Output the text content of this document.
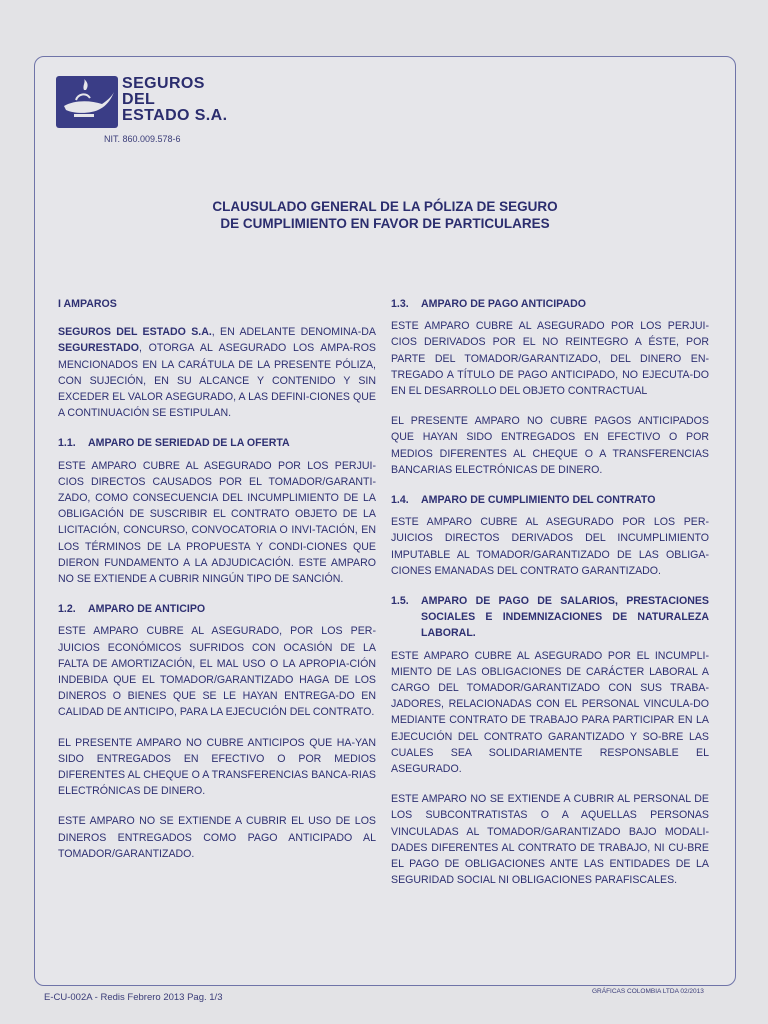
SEGUROS
DEL
ESTADO S.A.
NIT. 860.009.578-6
CLAUSULADO GENERAL DE LA PÓLIZA DE SEGURO
DE CUMPLIMIENTO EN FAVOR DE PARTICULARES
I AMPAROS
SEGUROS DEL ESTADO S.A., EN ADELANTE DENOMINA-DA SEGURESTADO, OTORGA AL ASEGURADO LOS AMPA-ROS MENCIONADOS EN LA CARÁTULA DE LA PRESENTE PÓLIZA, CON SUJECIÓN, EN SU ALCANCE Y CONTENIDO Y SIN EXCEDER EL VALOR ASEGURADO, A LAS DEFINI-CIONES QUE A CONTINUACIÓN SE ESTIPULAN.
1.1.	AMPARO DE SERIEDAD DE LA OFERTA
ESTE AMPARO CUBRE AL ASEGURADO POR LOS PERJUI-CIOS DIRECTOS CAUSADOS POR EL TOMADOR/GARANTI-ZADO, COMO CONSECUENCIA DEL INCUMPLIMIENTO DE LA OBLIGACIÓN DE SUSCRIBIR EL CONTRATO OBJETO DE LA LICITACIÓN, CONCURSO, CONVOCATORIA O INVI-TACIÓN, EN LOS TÉRMINOS DE LA PROPUESTA Y CONDI-CIONES QUE DIERON FUNDAMENTO A LA ADJUDICACIÓN. ESTE AMPARO NO SE EXTIENDE A CUBRIR NINGÚN TIPO DE SANCIÓN.
1.2.	AMPARO DE ANTICIPO
ESTE AMPARO CUBRE AL ASEGURADO, POR LOS PER-JUICIOS ECONÓMICOS SUFRIDOS CON OCASIÓN DE LA FALTA DE AMORTIZACIÓN, EL MAL USO O LA APROPIA-CIÓN INDEBIDA QUE EL TOMADOR/GARANTIZADO HAGA DE LOS DINEROS O BIENES QUE SE LE HAYAN ENTREGA-DO EN CALIDAD DE ANTICIPO, PARA LA EJECUCIÓN DEL CONTRATO.
EL PRESENTE AMPARO NO CUBRE ANTICIPOS QUE HA-YAN SIDO ENTREGADOS EN EFECTIVO O POR MEDIOS DIFERENTES AL CHEQUE O A TRANSFERENCIAS BANCA-RIAS ELECTRÓNICAS DE DINERO.
ESTE AMPARO NO SE EXTIENDE A CUBRIR EL USO DE LOS DINEROS ENTREGADOS COMO PAGO ANTICIPADO AL TOMADOR/GARANTIZADO.
1.3.	AMPARO DE PAGO ANTICIPADO
ESTE AMPARO CUBRE AL ASEGURADO POR LOS PERJUI-CIOS DERIVADOS POR EL NO REINTEGRO A ÉSTE, POR PARTE DEL TOMADOR/GARANTIZADO, DEL DINERO EN-TREGADO A TÍTULO DE PAGO ANTICIPADO, NO EJECUTA-DO EN EL DESARROLLO DEL OBJETO CONTRACTUAL
EL PRESENTE AMPARO NO CUBRE PAGOS ANTICIPADOS QUE HAYAN SIDO ENTREGADOS EN EFECTIVO O POR MEDIOS DIFERENTES AL CHEQUE O A TRANSFERENCIAS BANCARIAS ELECTRÓNICAS DE DINERO.
1.4.	AMPARO DE CUMPLIMIENTO DEL CONTRATO
ESTE AMPARO CUBRE AL ASEGURADO POR LOS PER-JUICIOS DIRECTOS DERIVADOS DEL INCUMPLIMIENTO IMPUTABLE AL TOMADOR/GARANTIZADO DE LAS OBLIGA-CIONES EMANADAS DEL CONTRATO GARANTIZADO.
1.5.	AMPARO DE PAGO DE SALARIOS, PRESTACIONES SOCIALES E INDEMNIZACIONES DE NATURALEZA LABORAL.
ESTE AMPARO CUBRE AL ASEGURADO POR EL INCUMPLI-MIENTO DE LAS OBLIGACIONES DE CARÁCTER LABORAL A CARGO DEL TOMADOR/GARANTIZADO CON SUS TRABA-JADORES, RELACIONADAS CON EL PERSONAL VINCULA-DO MEDIANTE CONTRATO DE TRABAJO PARA PARTICIPAR EN LA EJECUCIÓN DEL CONTRATO GARANTIZADO Y SO-BRE LAS CUALES SEA SOLIDARIAMENTE RESPONSABLE EL ASEGURADO.
ESTE AMPARO NO SE EXTIENDE A CUBRIR AL PERSONAL DE LOS SUBCONTRATISTAS O A AQUELLAS PERSONAS VINCULADAS AL TOMADOR/GARANTIZADO BAJO MODALI-DADES DIFERENTES AL CONTRATO DE TRABAJO, NI CU-BRE EL PAGO DE OBLIGACIONES ANTE LAS ENTIDADES DE LA SEGURIDAD SOCIAL NI OBLIGACIONES PARAFISCALES.
E-CU-002A - Redis Febrero 2013 Pag. 1/3
GRÁFICAS COLOMBIA LTDA 02/2013
